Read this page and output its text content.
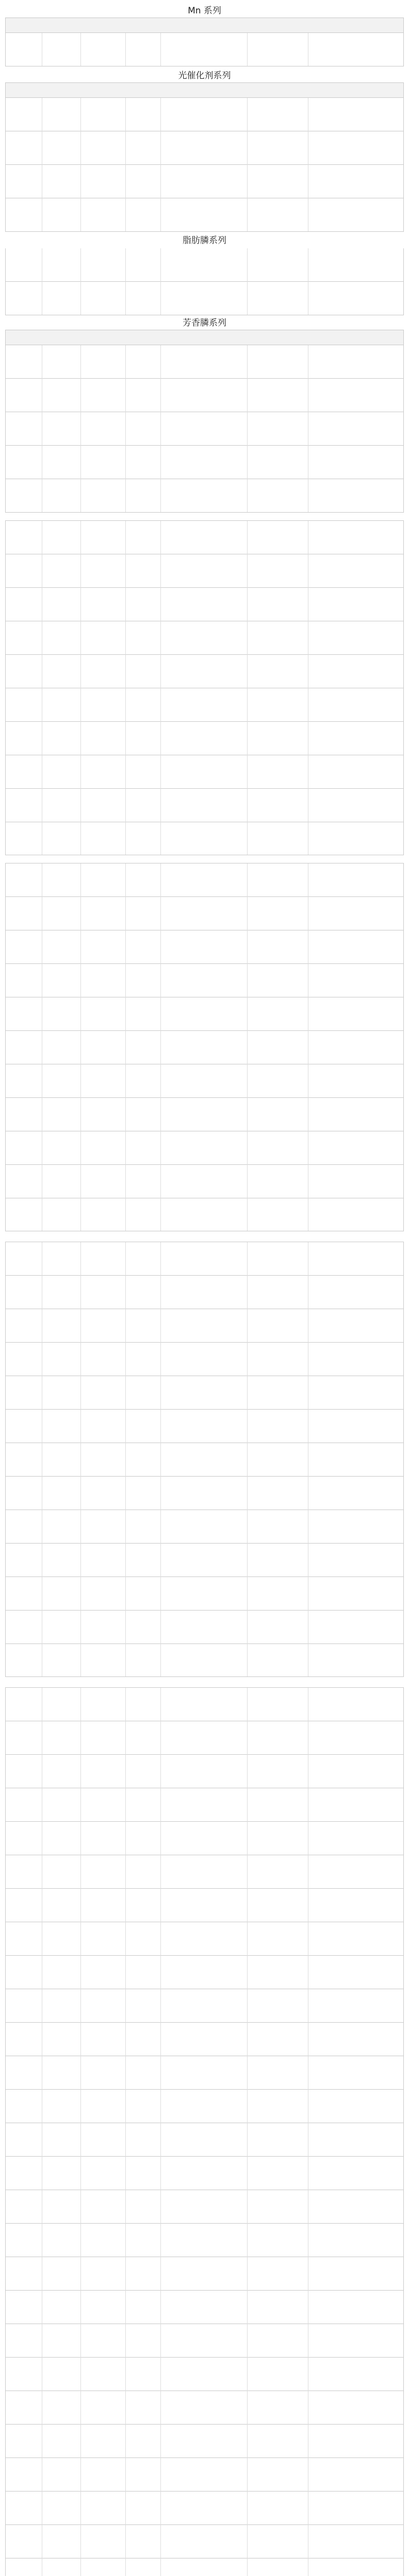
Mn 系列
光催化剂系列
脂肪膦系列
芳香膦系列
